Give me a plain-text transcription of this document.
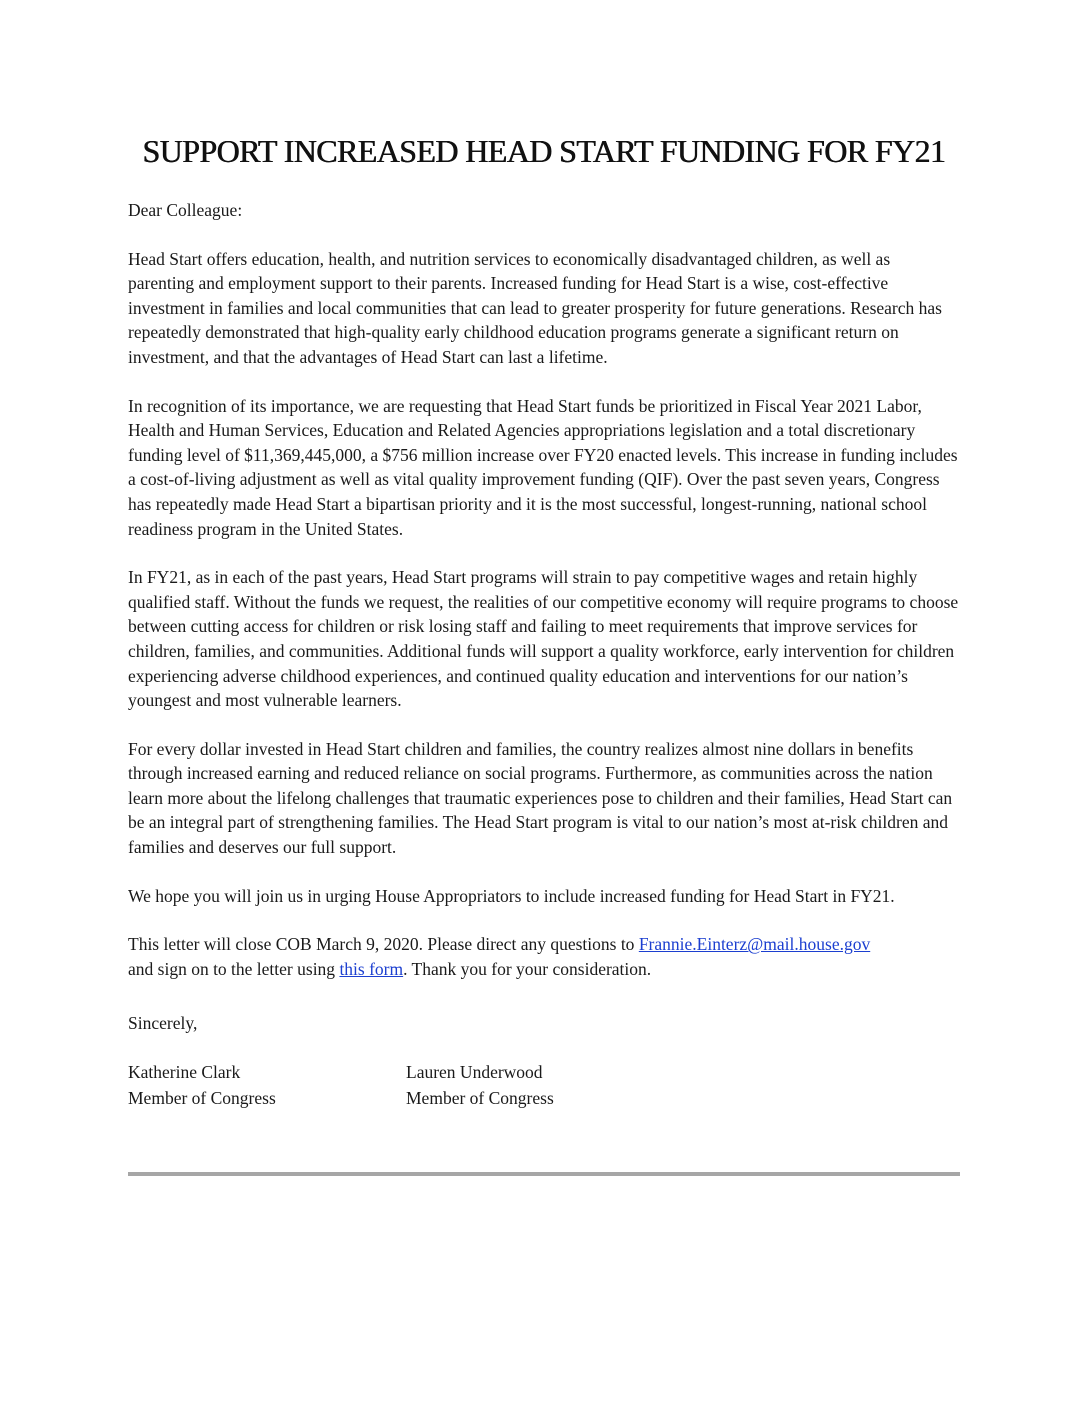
SUPPORT INCREASED HEAD START FUNDING FOR FY21
Dear Colleague:
Head Start offers education, health, and nutrition services to economically disadvantaged children, as well as parenting and employment support to their parents. Increased funding for Head Start is a wise, cost-effective investment in families and local communities that can lead to greater prosperity for future generations. Research has repeatedly demonstrated that high-quality early childhood education programs generate a significant return on investment, and that the advantages of Head Start can last a lifetime.
In recognition of its importance, we are requesting that Head Start funds be prioritized in Fiscal Year 2021 Labor, Health and Human Services, Education and Related Agencies appropriations legislation and a total discretionary funding level of $11,369,445,000, a $756 million increase over FY20 enacted levels. This increase in funding includes a cost-of-living adjustment as well as vital quality improvement funding (QIF). Over the past seven years, Congress has repeatedly made Head Start a bipartisan priority and it is the most successful, longest-running, national school readiness program in the United States.
In FY21, as in each of the past years, Head Start programs will strain to pay competitive wages and retain highly qualified staff. Without the funds we request, the realities of our competitive economy will require programs to choose between cutting access for children or risk losing staff and failing to meet requirements that improve services for children, families, and communities. Additional funds will support a quality workforce, early intervention for children experiencing adverse childhood experiences, and continued quality education and interventions for our nation’s youngest and most vulnerable learners.
For every dollar invested in Head Start children and families, the country realizes almost nine dollars in benefits through increased earning and reduced reliance on social programs. Furthermore, as communities across the nation learn more about the lifelong challenges that traumatic experiences pose to children and their families, Head Start can be an integral part of strengthening families. The Head Start program is vital to our nation’s most at-risk children and families and deserves our full support.
We hope you will join us in urging House Appropriators to include increased funding for Head Start in FY21.
This letter will close COB March 9, 2020. Please direct any questions to Frannie.Einterz@mail.house.gov
and sign on to the letter using this form. Thank you for your consideration.
Sincerely,
Katherine Clark
Member of Congress
Lauren Underwood
Member of Congress
